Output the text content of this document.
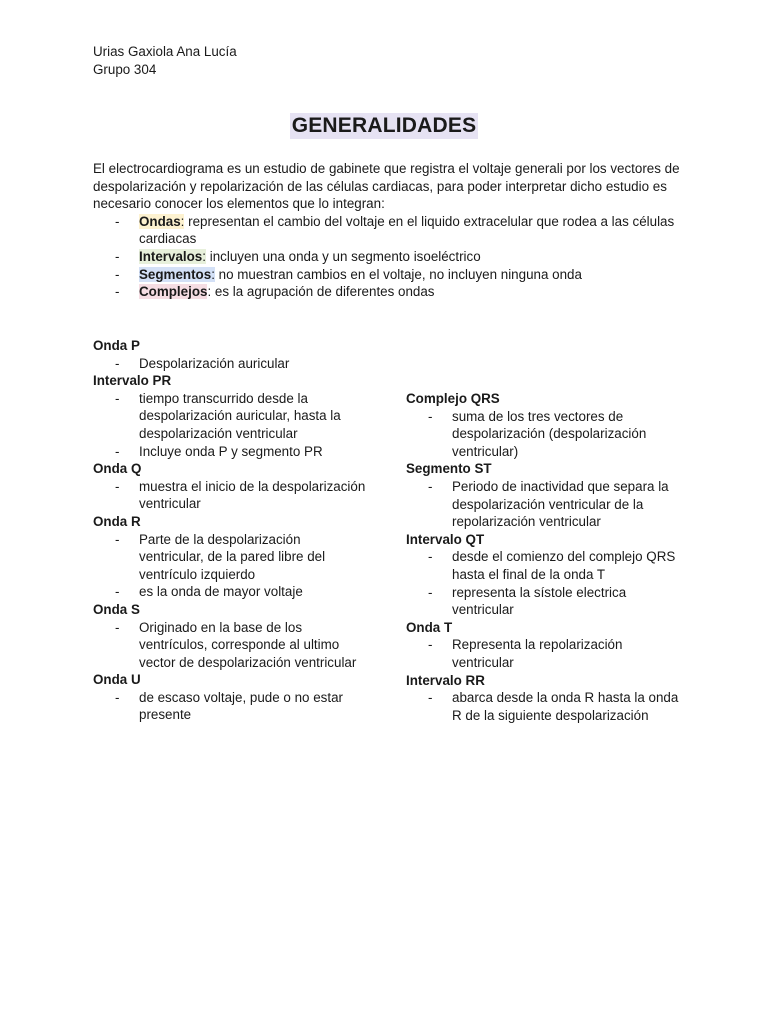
Urias Gaxiola Ana Lucía
Grupo 304
GENERALIDADES

El electrocardiograma es un estudio de gabinete que registra el voltaje generali por los vectores de despolarización y repolarización de las células cardiacas, para poder interpretar dicho estudio es necesario conocer los elementos que lo integran:

- Ondas: representan el cambio del voltaje en el liquido extracelular que rodea a las células cardiacas
- Intervalos: incluyen una onda y un segmento isoeléctrico
- Segmentos: no muestran cambios en el voltaje, no incluyen ninguna onda
- Complejos: es la agrupación de diferentes ondas
Onda P
- Despolarización auricular
Intervalo PR
- tiempo transcurrido desde la despolarización auricular, hasta la despolarización ventricular
- Incluye onda P y segmento PR
Onda Q
- muestra el inicio de la despolarización ventricular
Onda R
- Parte de la despolarización ventricular, de la pared libre del ventrículo izquierdo
- es la onda de mayor voltaje
Onda S
- Originado en la base de los ventrículos, corresponde al ultimo vector de despolarización ventricular
Onda U
- de escaso voltaje, pude o no estar presente
Complejo QRS
- suma de los tres vectores de despolarización (despolarización ventricular)
Segmento ST
- Periodo de inactividad que separa la despolarización ventricular de la repolarización ventricular
Intervalo QT
- desde el comienzo del complejo QRS hasta el final de la onda T
- representa la sístole electrica ventricular
Onda T
- Representa la repolarización ventricular
Intervalo RR
- abarca desde la onda R hasta la onda R de la siguiente despolarización
